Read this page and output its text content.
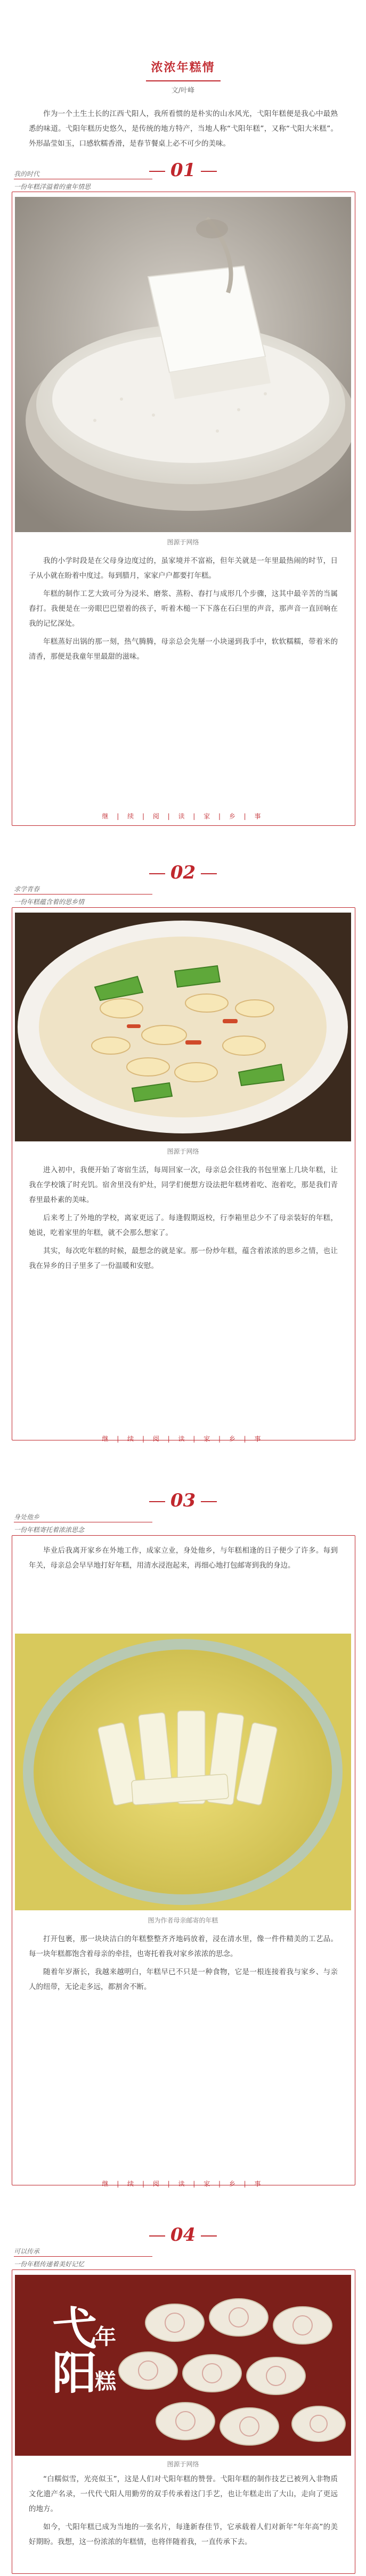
浓浓年糕情
文/叶峰

作为一个土生土长的江西弋阳人，我所看惯的是朴实的山水风光，弋阳年糕便是我心中最熟悉的味道。弋阳年糕历史悠久，是传统的地方特产，当地人称“弋阳年糕”，又称“弋阳大米糕”。外形晶莹如玉，口感软糯香滑，是春节餐桌上必不可少的美味。

我的时代	01
一份年糕洋溢着的童年情思
图源于网络

我的小学时段是在父母身边度过的，虽家境并不富裕，但年关就是一年里最热闹的时节，日子从小就在盼着中度过。每到腊月，家家户户都要打年糕。

年糕的制作工艺大致可分为浸米、磨浆、蒸粉、舂打与成形几个步骤，这其中最辛苦的当属舂打。我便是在一旁眼巴巴望着的孩子，听着木槌一下下落在石臼里的声音，那声音一直回响在我的记忆深处。

年糕蒸好出锅的那一刻，热气腾腾，母亲总会先掰一小块递到我手中，软软糯糯，带着米的清香，那便是我童年里最甜的滋味。

继 | 续 | 阅 | 读 | 家 | 乡 | 事
02
求学青春
一份年糕蕴含着的思乡情
图源于网络

进入初中，我便开始了寄宿生活，每周回家一次，母亲总会往我的书包里塞上几块年糕，让我在学校饿了时充饥。宿舍里没有炉灶，同学们便想方设法把年糕烤着吃、泡着吃，那是我们青春里最朴素的美味。

后来考上了外地的学校，离家更远了。每逢假期返校，行李箱里总少不了母亲装好的年糕，她说，吃着家里的年糕，就不会那么想家了。

其实，每次吃年糕的时候，最想念的就是家。那一份炒年糕，蕴含着浓浓的思乡之情，也让我在异乡的日子里多了一份温暖和安慰。

继 | 续 | 阅 | 读 | 家 | 乡 | 事
03
身处他乡
一份年糕寄托着浓浓思念

毕业后我离开家乡在外地工作，成家立业，身处他乡，与年糕相逢的日子便少了许多。每到年关，母亲总会早早地打好年糕，用清水浸泡起来，再细心地打包邮寄到我的身边。

图为作者母亲邮寄的年糕

打开包裹，那一块块洁白的年糕整整齐齐地码放着，浸在清水里，像一件件精美的工艺品。每一块年糕都饱含着母亲的牵挂，也寄托着我对家乡浓浓的思念。

随着年岁渐长，我越来越明白，年糕早已不只是一种食物，它是一根连接着我与家乡、与亲人的纽带，无论走多远，都割舍不断。

继 | 续 | 阅 | 读 | 家 | 乡 | 事
04
可以传承
一份年糕传递着美好记忆
弋阳年糕
图源于网络

“白糯似雪，光亮似玉”，这是人们对弋阳年糕的赞誉。弋阳年糕的制作技艺已被列入非物质文化遗产名录，一代代弋阳人用勤劳的双手传承着这门手艺，也让年糕走出了大山，走向了更远的地方。

如今，弋阳年糕已成为当地的一张名片，每逢新春佳节，它承载着人们对新年“年年高”的美好期盼。我想，这一份浓浓的年糕情，也将伴随着我，一直传承下去。
